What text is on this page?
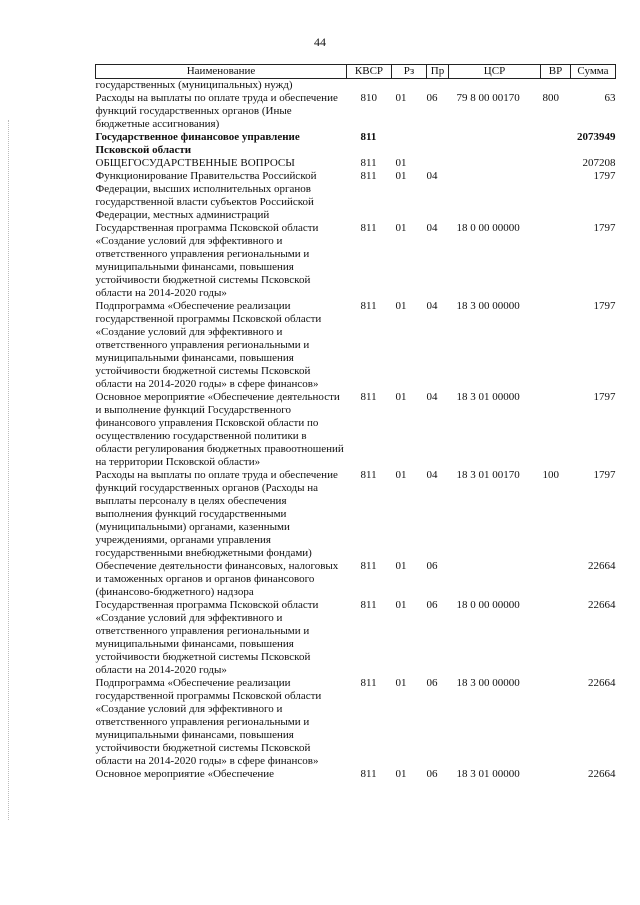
44
Наименование	КВСР	Рз	Пр	ЦСР	ВР	Сумма
государственных (муниципальных) нужд)						
Расходы на выплаты по оплате труда и обеспечение функций государственных органов (Иные бюджетные ассигнования)	810	01	06	79 8 00 00170	800	63
Государственное финансовое управление Псковской области	811					2073949
ОБЩЕГОСУДАРСТВЕННЫЕ ВОПРОСЫ	811	01				207208
Функционирование Правительства Российской Федерации, высших исполнительных органов государственной власти субъектов Российской Федерации, местных администраций	811	01	04			1797
Государственная программа Псковской области «Создание условий для эффективного и ответственного управления региональными и муниципальными финансами, повышения устойчивости бюджетной системы Псковской области на 2014-2020 годы»	811	01	04	18 0 00 00000		1797
Подпрограмма «Обеспечение реализации государственной программы Псковской области «Создание условий для эффективного и ответственного управления региональными и муниципальными финансами, повышения устойчивости бюджетной системы Псковской области на 2014-2020 годы» в сфере финансов»	811	01	04	18 3 00 00000		1797
Основное мероприятие «Обеспечение деятельности и выполнение функций Государственного финансового управления Псковской области по осуществлению государственной политики в области регулирования бюджетных правоотношений на территории Псковской области»	811	01	04	18 3 01 00000		1797
Расходы на выплаты по оплате труда и обеспечение функций государственных органов (Расходы на выплаты персоналу в целях обеспечения выполнения функций государственными (муниципальными) органами, казенными учреждениями, органами управления государственными внебюджетными фондами)	811	01	04	18 3 01 00170	100	1797
Обеспечение деятельности финансовых, налоговых и таможенных органов и органов финансового (финансово-бюджетного) надзора	811	01	06			22664
Государственная программа Псковской области «Создание условий для эффективного и ответственного управления региональными и муниципальными финансами, повышения устойчивости бюджетной системы Псковской области на 2014-2020 годы»	811	01	06	18 0 00 00000		22664
Подпрограмма «Обеспечение реализации государственной программы Псковской области «Создание условий для эффективного и ответственного управления региональными и муниципальными финансами, повышения устойчивости бюджетной системы Псковской области на 2014-2020 годы» в сфере финансов»	811	01	06	18 3 00 00000		22664
Основное мероприятие «Обеспечение	811	01	06	18 3 01 00000		22664
